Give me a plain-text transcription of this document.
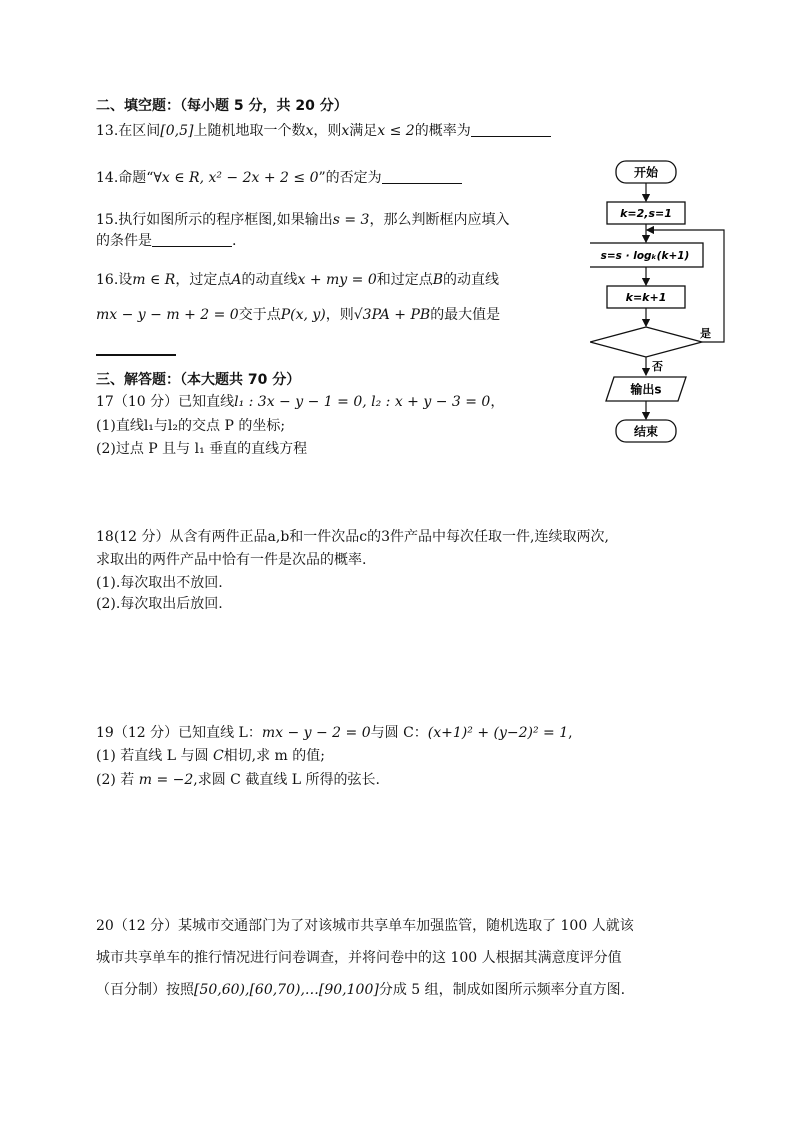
二、填空题：（每小题 5 分，共 20 分）
13.在区间[0,5]上随机地取一个数x，则x满足x ≤ 2的概率为
14.命题“∀x ∈ R, x² − 2x + 2 ≤ 0”的否定为
15.执行如图所示的程序框图,如果输出s = 3，那么判断框内应填入
的条件是	.
16.设m ∈ R，过定点A的动直线x + my = 0和过定点B的动直线
mx − y − m + 2 = 0交于点P(x, y)，则√3PA + PB的最大值是
三、解答题：（本大题共 70 分）
17（10 分）已知直线l₁ : 3x − y − 1 = 0, l₂ : x + y − 3 = 0，
(1)直线l₁与l₂的交点 P 的坐标;
(2)过点 P 且与 l₁ 垂直的直线方程
18(12 分）从含有两件正品a,b和一件次品c的3件产品中每次任取一件,连续取两次,
求取出的两件产品中恰有一件是次品的概率.
(1).每次取出不放回.
(2).每次取出后放回.
19（12 分）已知直线 L：mx − y − 2 = 0与圆 C：(x+1)² + (y−2)² = 1,
(1) 若直线 L 与圆 C相切,求 m 的值;
(2) 若 m = −2,求圆 C 截直线 L 所得的弦长.
20（12 分）某城市交通部门为了对该城市共享单车加强监管，随机选取了 100 人就该
城市共享单车的推行情况进行问卷调查，并将问卷中的这 100 人根据其满意度评分值
（百分制）按照[50,60),[60,70),…[90,100]分成 5 组，制成如图所示频率分直方图.
开始
k=2,s=1
s=s · logₖ(k+1)
k=k+1
是
否
输出s
结束
